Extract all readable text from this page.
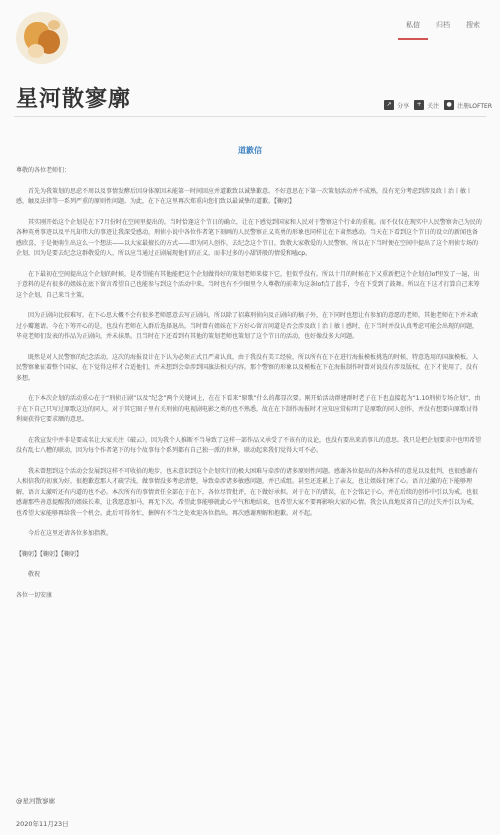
私信	归档	搜索
星河散寥廓	↗ 分享	+ 关注	● 注册LOFTER
道歉信

尊敬的各位老师们：

首先为我策划的思虑不周以及事情发酵后因身体原因未能第一时间回应并道歉致以诚挚歉意。不好意思在下第一次策划活动并不成熟，没有充分考虑到涉及政丨治丨敏丨感，触及法律等一系列严重的原则性问题。为此，在下在这里再次郑重向您们致以最诚挚的道歉。【鞠躬】

其实刚开始这个企划是在下7月份时在空间里提出的。当时恰逢这个节日的确立，让在下感觉到国家和人民对于警察这个行业的重视。而不仅仅在现实中人民警察舍己为民的各种英勇事迹以及平凡却伟大的事迹让我深受感动，刑侦小说中各位作者笔下刻画的人民警察正义英勇的形象也同样让在下肃然感动。当天在下看到这个节日的设立的新闻也备感欣喜，于是便萌生出这么一个想法——以大家最擅长的方式——即为同人创作，去纪念这个节日，致敬大家敬爱的人民警察。所以在下当时便在空间中提出了这个刑侦专场的企划，因为是要去纪念这群敬爱的人，所以应当通过正剧展现他们的正义，而非过多的小甜饼般的情爱和嗑cp。

在下最初在空间提出这个企划的时候，是希望能有其他能把这个企划做得好的策划老师来接下它，但似乎没有。所以十月的时候在下又重新把这个企划在lof里发了一遍，出于意料的是有很多的姐妹在底下留言希望自己也能参与到这个活动中来。当时也有不少圈里令人尊敬的前辈为这条lof点了蓝手，令在下受到了鼓舞。所以在下这才打算自己来筹这个企划，自己来当主策。

因为正剧向比较难写，在下心思大概不会有很多老师愿意去写正剧向，所以除了招募刑侦向及正剧向的稿子外，在下同时也想让有参加的意愿的老师，其他老师在下并未敢过小瓣邀请。今在下筹开心的是，也没有老师在入群后选择退出。当时曾有姐妹在下方好心留言问道是否会涉及政丨治丨敏丨感时，在下当时并没认真考虑可能会出现的问题，毕竟老师们发表的作品为正剧向，并未抹黑。且当时在下还看到有其他的策划老师也策划了这个节日的活动，也好像没多大问题。

既然是对人民警察的纪念活动，这次的海报设计在下认为必须正式且严肃认真，由于我没有美工经验，所以所有在下在进行海报模板挑选的时候，特意选用的国旗模板。人民警察象征着整个国家，在下觉得这样才合适他们，并未想到会牵涉到国旗法相关内容。那个警察的形象以及模板在下在海报制作时曾对说没有涉及版权，在下才使用了，没有多想。

在下本次企划的活动重心在于“刑侦正剧”以及“纪念”两个关键词上，在在下看来“原歌”什么的都显次要。刚开始活动群建群时老子在下也直接起为“1.10刑侦专场企划”，由于在下自己只写过原歌这边的同人，对于其它圈子里有关刑侦的电视剧电影之类的也不熟悉，故在在下制作海报时才应知应赏标明了是原歌的同人创作，并没有想要向原歌讨得利商获得它要求额的意思。

在我宣发中并非是要或名让大家关注《破云》，因为我个人推断不当导致了这样一部作品又承受了不该有的议论，也没有要出来消事儿的意思。我只是把企划要求中也明希望没有乱七八糟的联动，因为每个作者笔下的每个故事每个系列都有自己独一派的世界，联动起来我们觉得大可不必。

我未曾想到这个活动会发展到这样不可收拾的地步，也未意识到这个企划实行的极大困难与牵涉的诸多原则性问题。感谢各位提出的各种各样的意见以及批判，也很感谢有人相信我的初衷为好，很抱歉惹那人才疏学浅，做事情没多考虑清楚，导致牵涉诸多敏感问题，并已成组。甚至还连累上了亲友，也让姐妹们寒了心。语言过激的在下能够理解，语言太激听还有内道的也不必。本次所有的事情责任全部在于在下，各位尽管批评，在下做好承担。对于在下的错误，在下会铭记于心，并在后续的创作中引以为戒。也很感谢那些善意提醒我的姐妹长辈，让我愿意加马，再无下次。希望此事能够就此心平气和地结束，也希望大家不要再影响大家的心情。我会认真地反省自己的过失并引以为戒，也希望大家能够再给我一个机会。此后可得务忙，搪牌有不当之处欢迎各位指出。再次感谢理解和抱歉。对不起。

今后在这里还请各位多加指教。

【鞠躬】【鞠躬】【鞠躬】

敬祝

各位一切安康

@星河散寥廓
2020年11月23日
